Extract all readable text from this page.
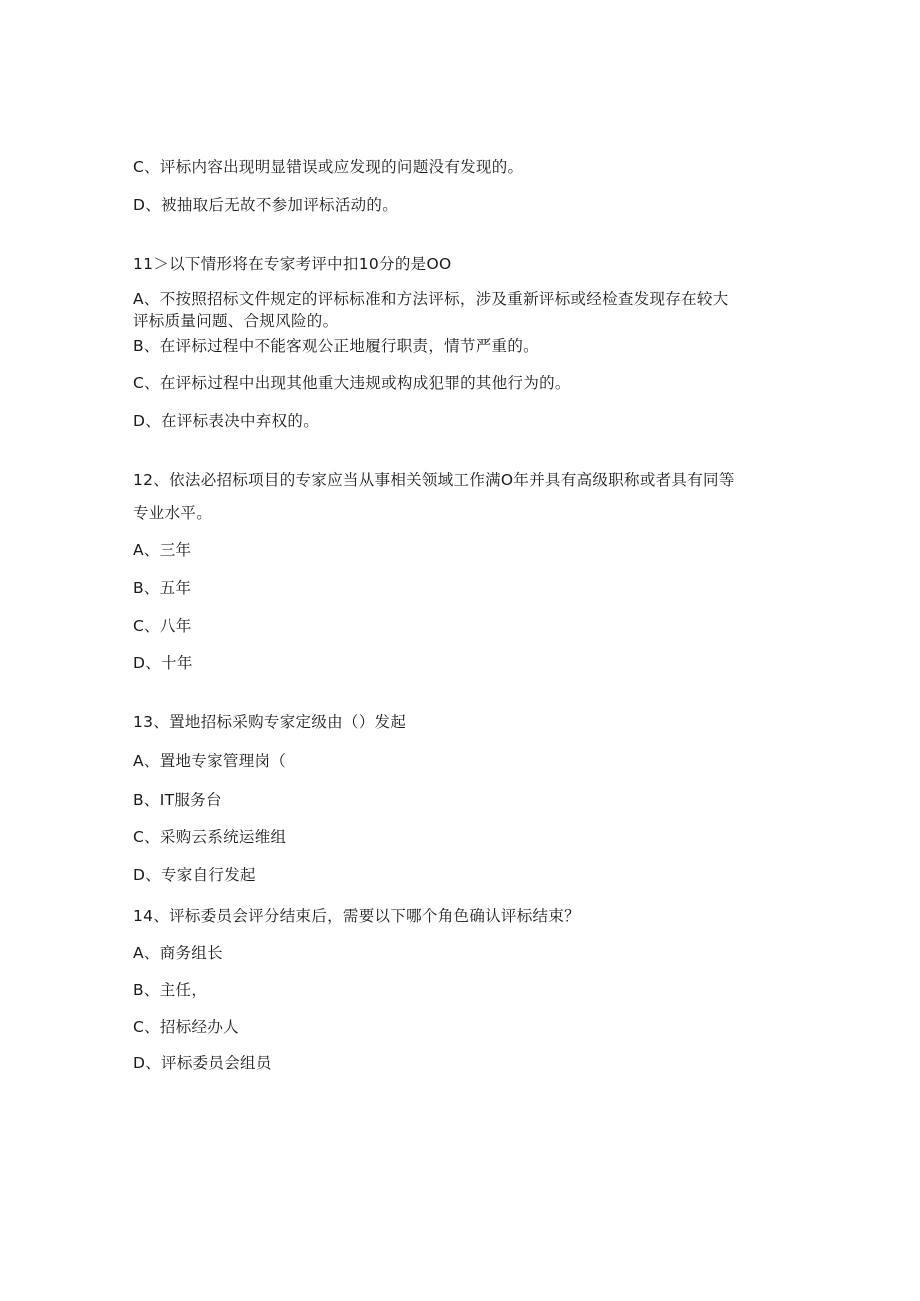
C、评标内容出现明显错误或应发现的问题没有发现的。
D、被抽取后无故不参加评标活动的。
11＞以下情形将在专家考评中扣10分的是OO
A、不按照招标文件规定的评标标准和方法评标，涉及重新评标或经检查发现存在较大
评标质量问题、合规风险的。
B、在评标过程中不能客观公正地履行职责，情节严重的。
C、在评标过程中出现其他重大违规或构成犯罪的其他行为的。
D、在评标表决中弃权的。
12、依法必招标项目的专家应当从事相关领域工作满O年并具有高级职称或者具有同等
专业水平。
A、三年
B、五年
C、八年
D、十年
13、置地招标采购专家定级由（）发起
A、置地专家管理岗（
B、IT服务台
C、采购云系统运维组
D、专家自行发起
14、评标委员会评分结束后，需要以下哪个角色确认评标结束？
A、商务组长
B、主任，
C、招标经办人
D、评标委员会组员
